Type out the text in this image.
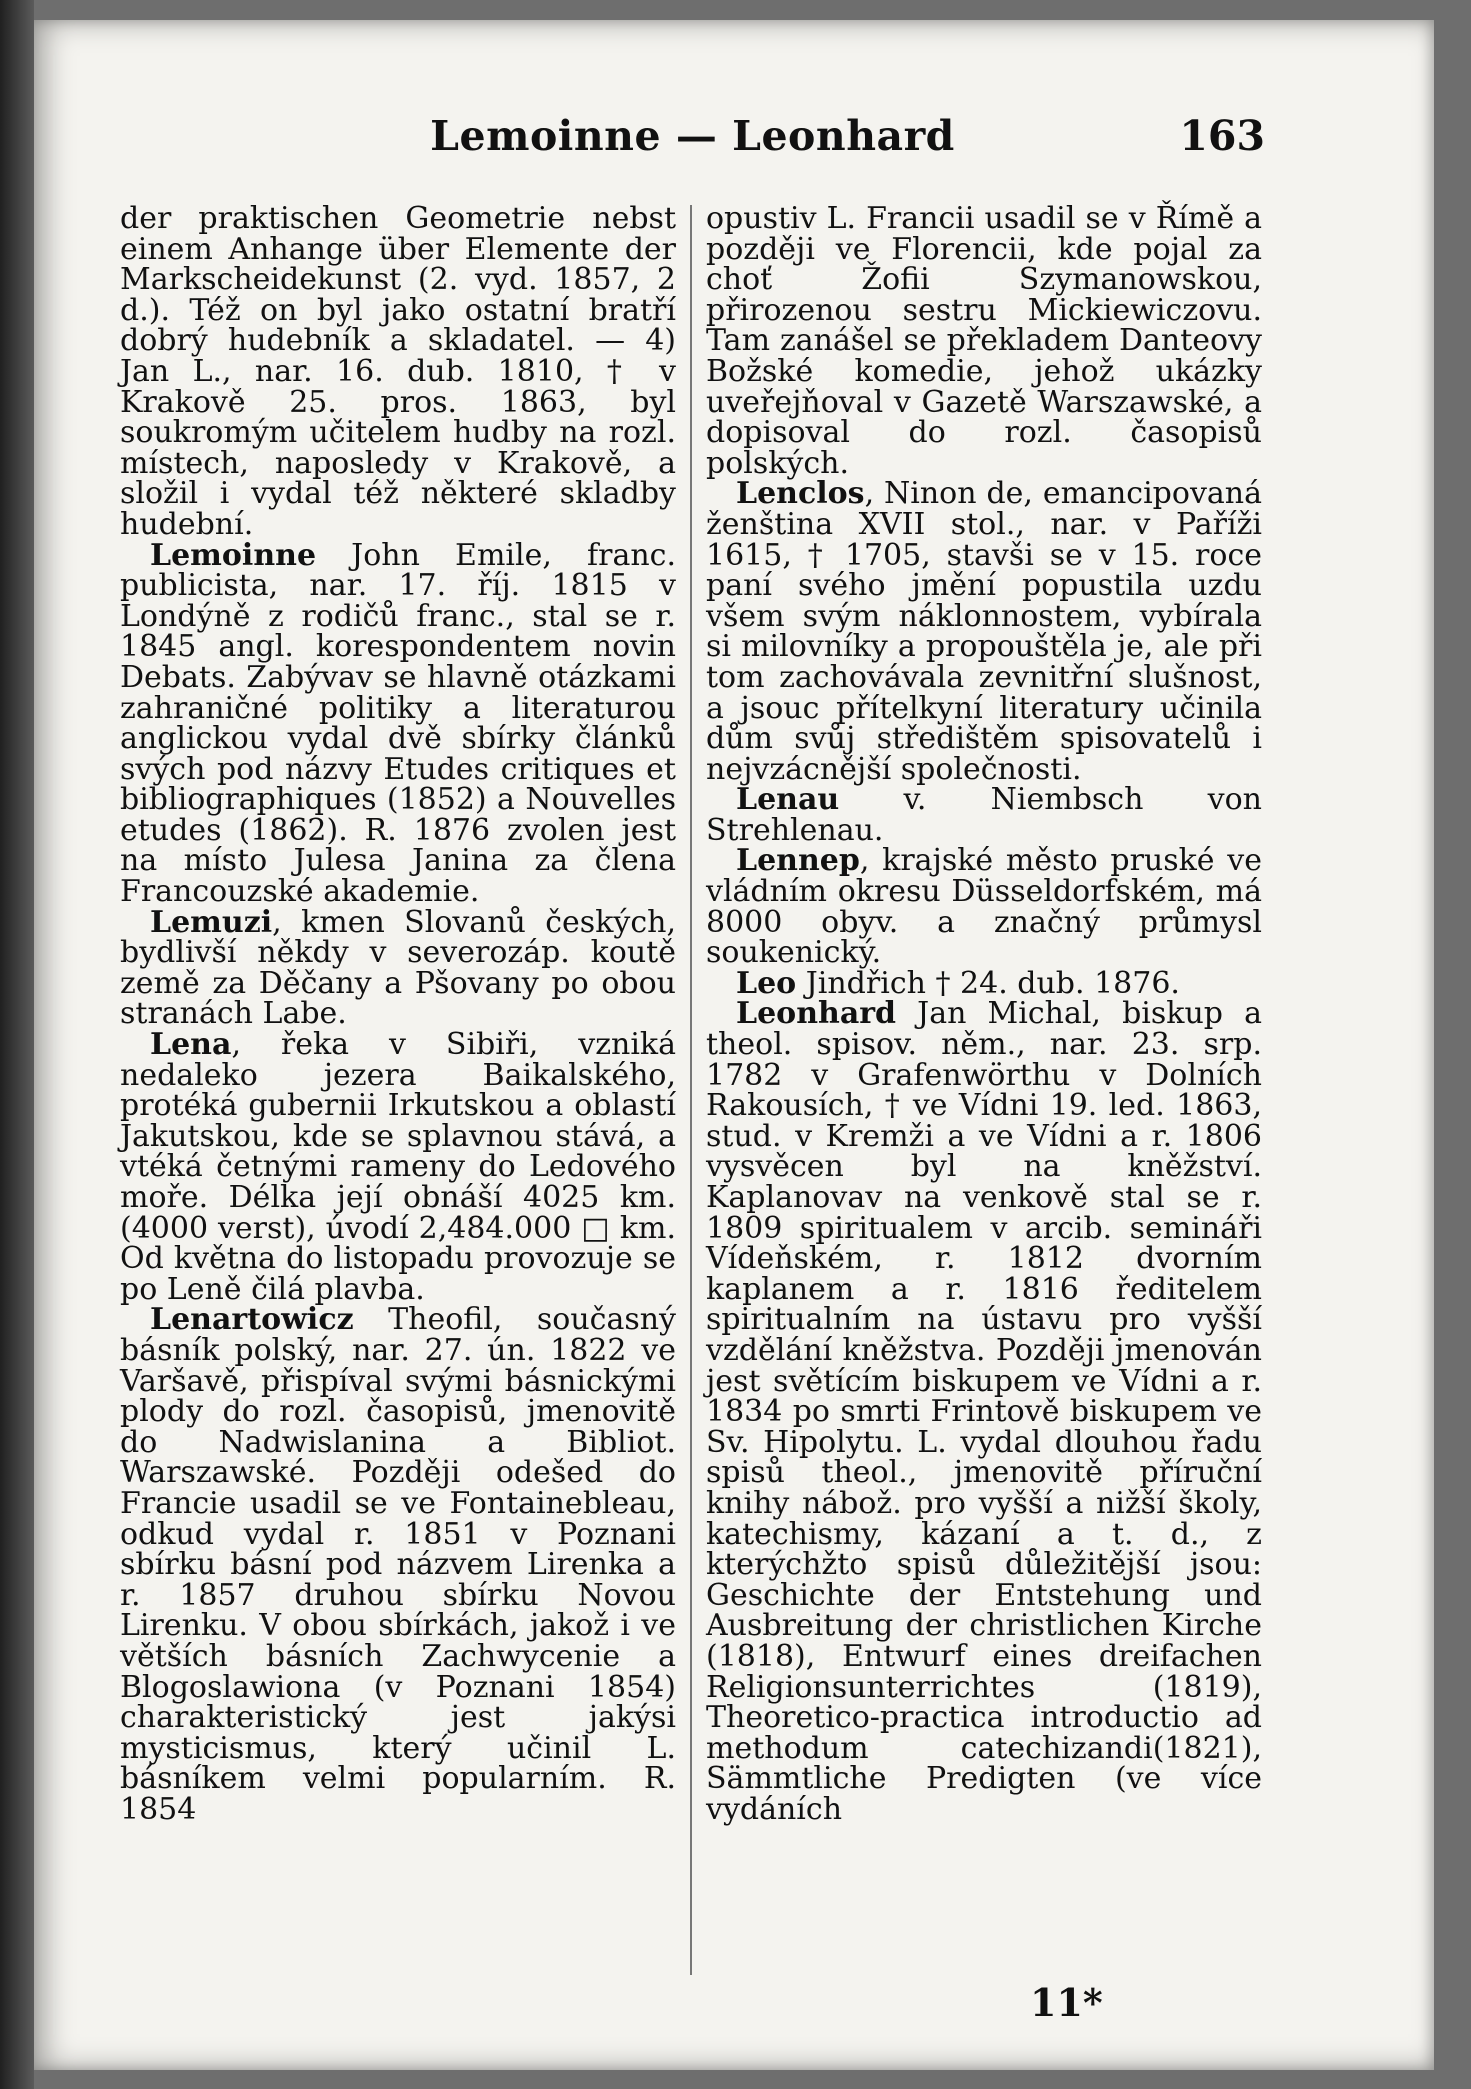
Lemoinne — Leonhard	163

der praktischen Geometrie nebst einem Anhange über Elemente der Markscheidekunst (2. vyd. 1857, 2 d.). Též on byl jako ostatní bratří dobrý hudebník a skladatel. — 4) Jan L., nar. 16. dub. 1810, † v Krakově 25. pros. 1863, byl soukromým učitelem hudby na rozl. místech, naposledy v Krakově, a složil i vydal též některé skladby hudební.

Lemoinne John Emile, franc. publicista, nar. 17. říj. 1815 v Londýně z rodičů franc., stal se r. 1845 angl. korespondentem novin Debats. Zabývav se hlavně otázkami zahraničné politiky a literaturou anglickou vydal dvě sbírky článků svých pod názvy Etudes critiques et bibliographiques (1852) a Nouvelles etudes (1862). R. 1876 zvolen jest na místo Julesa Janina za člena Francouzské akademie.

Lemuzi, kmen Slovanů českých, bydlivší někdy v severozáp. koutě země za Děčany a Pšovany po obou stranách Labe.

Lena, řeka v Sibiři, vzniká nedaleko jezera Baikalského, protéká gubernii Irkutskou a oblastí Jakutskou, kde se splavnou stává, a vtéká četnými rameny do Ledového moře. Délka její obnáší 4025 km. (4000 verst), úvodí 2,484.000 □ km. Od května do listopadu provozuje se po Leně čilá plavba.

Lenartowicz Theofil, současný básník polský, nar. 27. ún. 1822 ve Varšavě, přispíval svými básnickými plody do rozl. časopisů, jmenovitě do Nadwislanina a Bibliot. Warszawské. Později odešed do Francie usadil se ve Fontainebleau, odkud vydal r. 1851 v Poznani sbírku básní pod názvem Lirenka a r. 1857 druhou sbírku Novou Lirenku. V obou sbírkách, jakož i ve větších básních Zachwycenie a Blogoslawiona (v Poznani 1854) charakteristický jest jakýsi mysticismus, který učinil L. básníkem velmi popularním. R. 1854

opustiv L. Francii usadil se v Římě a později ve Florencii, kde pojal za choť Žofii Szymanowskou, přirozenou sestru Mickiewiczovu. Tam zanášel se překladem Danteovy Božské komedie, jehož ukázky uveřejňoval v Gazetě Warszawské, a dopisoval do rozl. časopisů polských.

Lenclos, Ninon de, emancipovaná ženština XVII stol., nar. v Paříži 1615, † 1705, stavši se v 15. roce paní svého jmění popustila uzdu všem svým náklonnostem, vybírala si milovníky a propouštěla je, ale při tom zachovávala zevnitřní slušnost, a jsouc přítelkyní literatury učinila dům svůj středištěm spisovatelů i nejvzácnější společnosti.

Lenau v. Niembsch von Strehlenau.

Lennep, krajské město pruské ve vládním okresu Düsseldorfském, má 8000 obyv. a značný průmysl soukenický.

Leo Jindřich † 24. dub. 1876.

Leonhard Jan Michal, biskup a theol. spisov. něm., nar. 23. srp. 1782 v Grafenwörthu v Dolních Rakousích, † ve Vídni 19. led. 1863, stud. v Kremži a ve Vídni a r. 1806 vysvěcen byl na kněžství. Kaplanovav na venkově stal se r. 1809 spiritualem v arcib. semináři Vídeňském, r. 1812 dvorním kaplanem a r. 1816 ředitelem spiritualním na ústavu pro vyšší vzdělání kněžstva. Později jmenován jest světícím biskupem ve Vídni a r. 1834 po smrti Frintově biskupem ve Sv. Hipolytu. L. vydal dlouhou řadu spisů theol., jmenovitě příruční knihy nábož. pro vyšší a nižší školy, katechismy, kázaní a t. d., z kterýchžto spisů důležitější jsou: Geschichte der Entstehung und Ausbreitung der christlichen Kirche (1818), Entwurf eines dreifachen Religionsunterrichtes (1819), Theoretico-practica introductio ad methodum catechizandi(1821), Sämmtliche Predigten (ve více vydáních

11*
